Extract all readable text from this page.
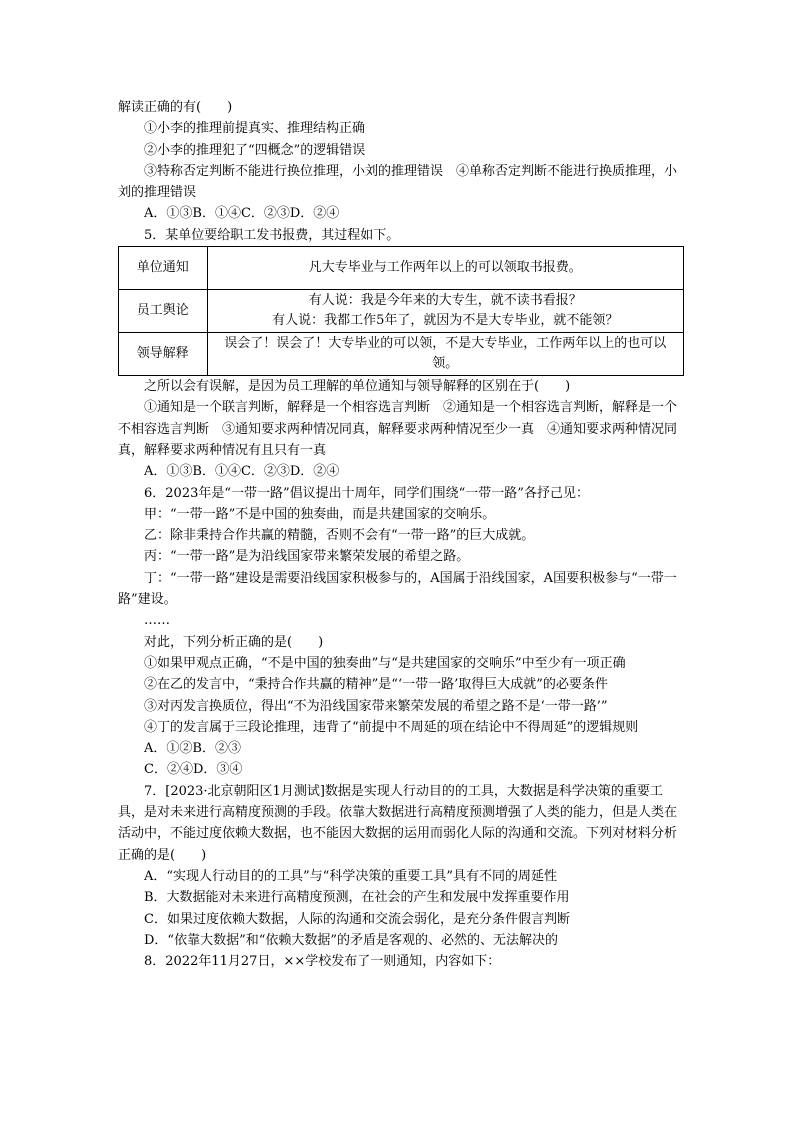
解读正确的有(　　)

①小李的推理前提真实、推理结构正确

②小李的推理犯了“四概念”的逻辑错误

③特称否定判断不能进行换位推理，小刘的推理错误　④单称否定判断不能进行换质推理，小刘的推理错误

A．①③B．①④C．②③D．②④

5．某单位要给职工发书报费，其过程如下。

单位通知	凡大专毕业与工作两年以上的可以领取书报费。
员工舆论	有人说：我是今年来的大专生，就不读书看报？
有人说：我都工作5年了，就因为不是大专毕业，就不能领？

领导解释	误会了！误会了！大专毕业的可以领，不是大专毕业，工作两年以上的也可以领。

之所以会有误解，是因为员工理解的单位通知与领导解释的区别在于(　　)

①通知是一个联言判断，解释是一个相容选言判断　②通知是一个相容选言判断，解释是一个不相容选言判断　③通知要求两种情况同真，解释要求两种情况至少一真　④通知要求两种情况同真，解释要求两种情况有且只有一真

A．①③B．①④C．②③D．②④

6．2023年是“一带一路”倡议提出十周年，同学们围绕“一带一路”各抒己见：

甲：“一带一路”不是中国的独奏曲，而是共建国家的交响乐。

乙：除非秉持合作共赢的精髓，否则不会有“一带一路”的巨大成就。

丙：“一带一路”是为沿线国家带来繁荣发展的希望之路。

丁：“一带一路”建设是需要沿线国家积极参与的，A国属于沿线国家，A国要积极参与“一带一路”建设。

……

对此，下列分析正确的是(　　)

①如果甲观点正确，“不是中国的独奏曲”与“是共建国家的交响乐”中至少有一项正确

②在乙的发言中，“秉持合作共赢的精神”是“‘一带一路’取得巨大成就”的必要条件

③对丙发言换质位，得出“不为沿线国家带来繁荣发展的希望之路不是‘一带一路’”

④丁的发言属于三段论推理，违背了“前提中不周延的项在结论中不得周延”的逻辑规则

A．①②B．②③

C．②④D．③④

7．[2023·北京朝阳区1月测试]数据是实现人行动目的的工具，大数据是科学决策的重要工具，是对未来进行高精度预测的手段。依靠大数据进行高精度预测增强了人类的能力，但是人类在活动中，不能过度依赖大数据，也不能因大数据的运用而弱化人际的沟通和交流。下列对材料分析正确的是(　　)

A．“实现人行动目的的工具”与“科学决策的重要工具”具有不同的周延性

B．大数据能对未来进行高精度预测，在社会的产生和发展中发挥重要作用

C．如果过度依赖大数据，人际的沟通和交流会弱化，是充分条件假言判断

D．“依靠大数据”和“依赖大数据”的矛盾是客观的、必然的、无法解决的

8．2022年11月27日，××学校发布了一则通知，内容如下：
